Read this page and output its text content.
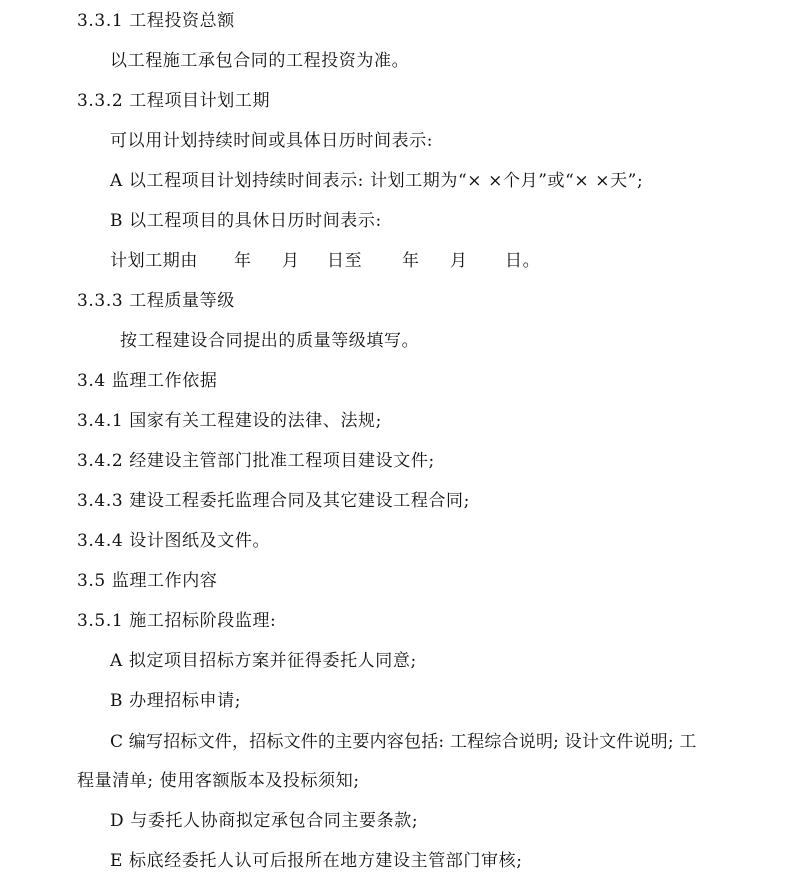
3.3.1 工程投资总额
以工程施工承包合同的工程投资为准。
3.3.2 工程项目计划工期
可以用计划持续时间或具体日历时间表示:
A 以工程项目计划持续时间表示: 计划工期为“× ×个月”或“× ×天”;
B 以工程项目的具休日历时间表示:
计划工期由 年 月 日至 年 月 日。
3.3.3 工程质量等级
按工程建设合同提出的质量等级填写。
3.4 监理工作依据
3.4.1 国家有关工程建设的法律、法规;
3.4.2 经建设主管部门批准工程项目建设文件;
3.4.3 建设工程委托监理合同及其它建设工程合同;
3.4.4 设计图纸及文件。
3.5 监理工作内容
3.5.1 施工招标阶段监理:
A 拟定项目招标方案并征得委托人同意;
B 办理招标申请;
C 编写招标文件，招标文件的主要内容包括: 工程综合说明; 设计文件说明; 工
程量清单; 使用客额版本及投标须知;
D 与委托人协商拟定承包合同主要条款;
E 标底经委托人认可后报所在地方建设主管部门审核;
